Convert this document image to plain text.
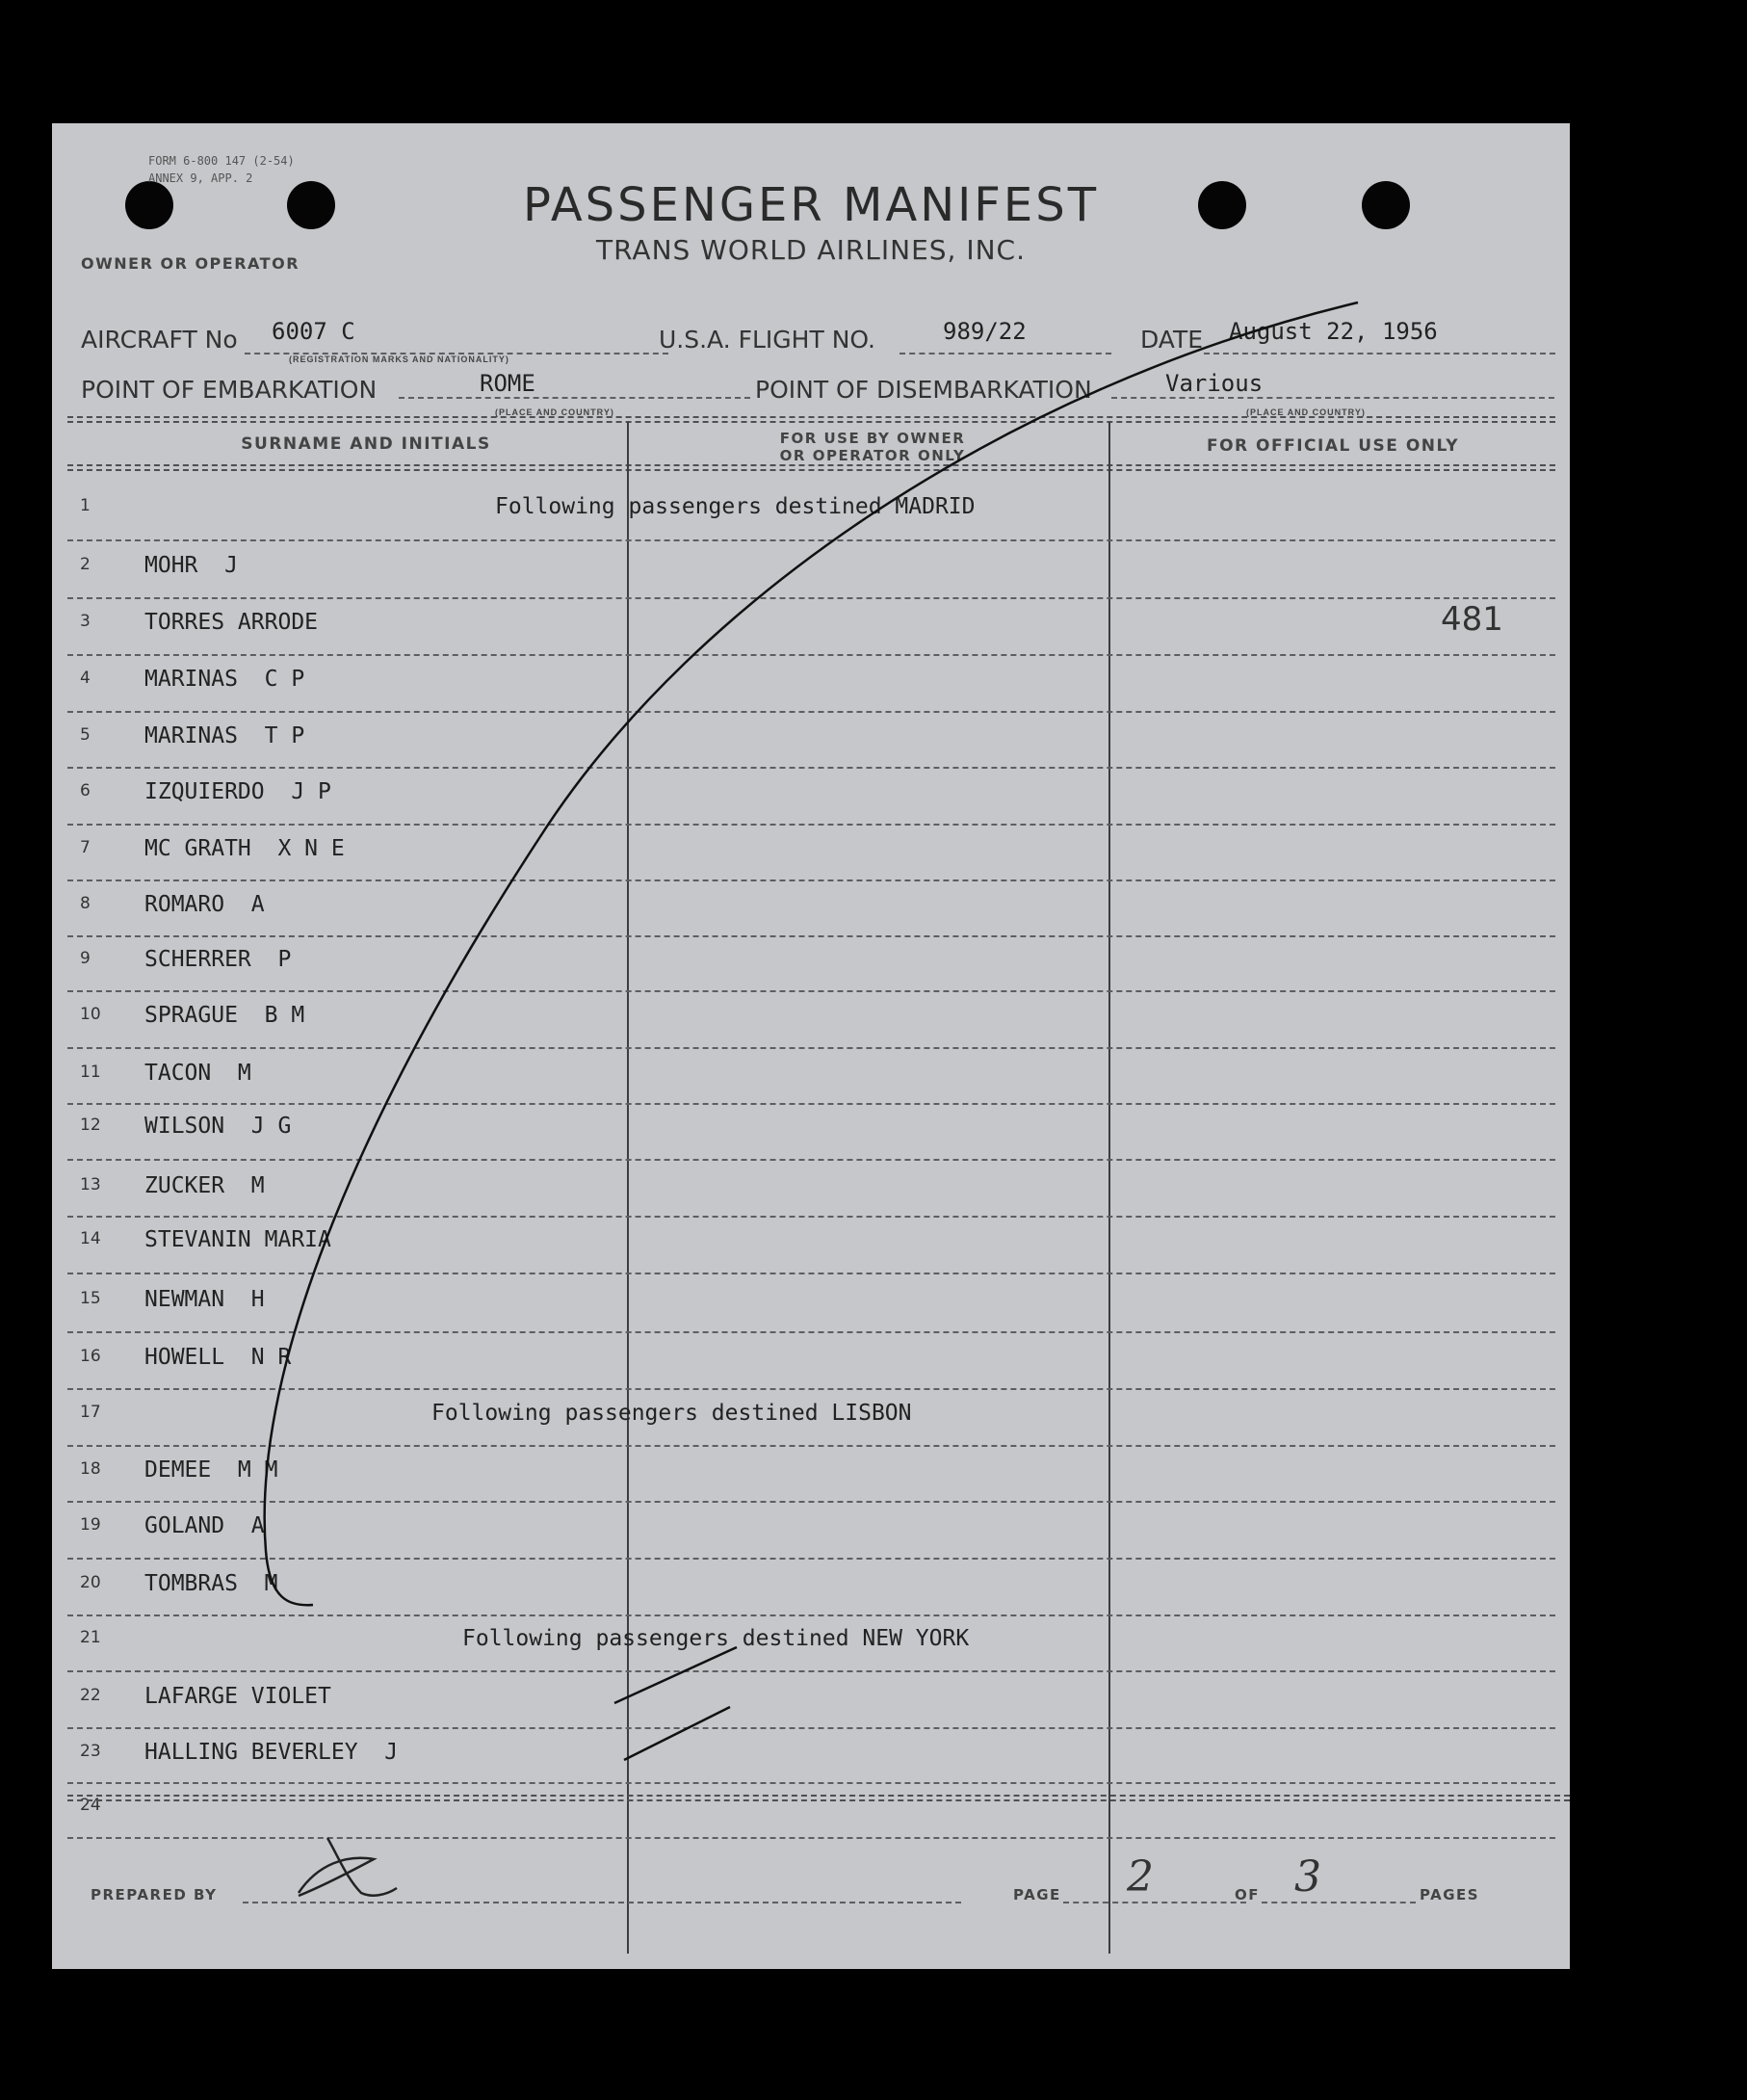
FORM 6-800 147 (2-54)
ANNEX 9, APP. 2	PASSENGER MANIFEST
TRANS WORLD AIRLINES, INC.
OWNER OR OPERATOR
AIRCRAFT No 6007 C
(REGISTRATION MARKS AND NATIONALITY)
U.S.A. FLIGHT NO.	989/22	DATE August 22, 1956
POINT OF EMBARKATION	ROME
(PLACE AND COUNTRY)
POINT OF DISEMBARKATION	Various
(PLACE AND COUNTRY)
SURNAME AND INITIALS	FOR USE BY OWNER
OR OPERATOR ONLY	FOR OFFICIAL USE ONLY
1	Following passengers destined MADRID
2 MOHR  J
3 TORRES ARRODE	481
4 MARINAS  C P
5 MARINAS  T P
6 IZQUIERDO  J P
7 MC GRATH  X N E
8 ROMARO  A
9 SCHERRER  P
10 SPRAGUE  B M
11 TACON  M
12 WILSON  J G
13 ZUCKER  M
14 STEVANIN MARIA
15 NEWMAN  H
16 HOWELL  N R
17	Following passengers destined LISBON
18 DEMEE  M M
19 GOLAND  A
20 TOMBRAS  M
21	Following passengers destined NEW YORK
22 LAFARGE VIOLET
23 HALLING BEVERLEY  J
24
PREPARED BY	PAGE 2	OF 3	PAGES
